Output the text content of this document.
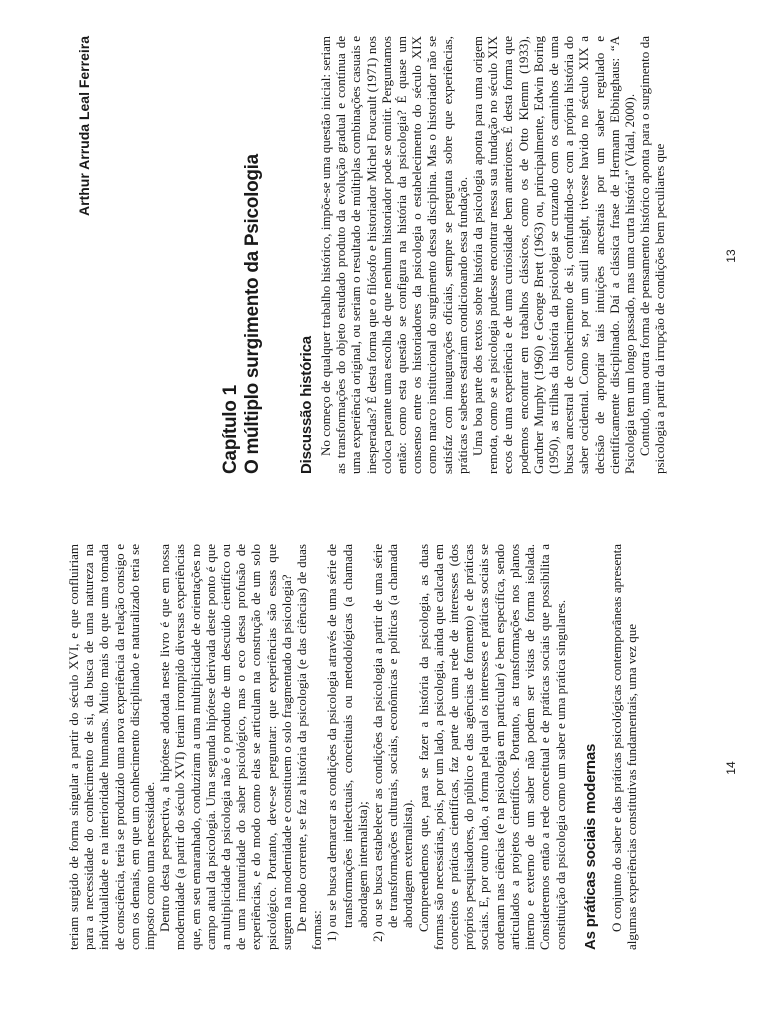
teriam surgido de forma singular a partir do século XVI, e que confluiriam para a necessidade do conhecimento de si, da busca de uma natureza na individualidade e na interioridade humanas. Muito mais do que uma tomada de consciência, teria se produzido uma nova experiência da relação consigo e com os demais, em que um conhecimento disciplinado e naturalizado teria se imposto como uma necessidade. Dentro desta perspectiva, a hipótese adotada neste livro é que em nossa modernidade (a partir do século XVI) teriam irrompido diversas experiências que, em seu emaranhado, conduziram a uma multiplicidade de orientações no campo atual da psicologia. Uma segunda hipótese derivada deste ponto é que a multiplicidade da psicologia não é o produto de um descuido científico ou de uma imaturidade do saber psicológico, mas o eco dessa profusão de experiências, e do modo como elas se articulam na construção de um solo psicológico. Portanto, deve-se perguntar: que experiências são essas que surgem na modernidade e constituem o solo fragmentado da psicologia? De modo corrente, se faz a história da psicologia (e das ciências) de duas formas: 1) ou se busca demarcar as condições da psicologia através de uma série de transformações intelectuais, conceituais ou metodológicas (a chamada abordagem internalista); 2) ou se busca estabelecer as condições da psicologia a partir de uma série de transformações culturais, sociais, econômicas e políticas (a chamada abordagem externalista). Compreendemos que, para se fazer a história da psicologia, as duas formas são necessárias, pois, por um lado, a psicologia, ainda que calcada em conceitos e práticas científicas, faz parte de uma rede de interesses (dos próprios pesquisadores, do público e das agências de fomento) e de práticas sociais. E, por outro lado, a forma pela qual os interesses e práticas sociais se ordenam nas ciências (e na psicologia em particular) é bem específica, sendo articulados a projetos científicos. Portanto, as transformações nos planos interno e externo de um saber não podem ser vistas de forma isolada. Consideremos então a rede conceitual e de práticas sociais que possibilita a constituição da psicologia como um saber e uma prática singulares. As práticas sociais modernas O conjunto do saber e das práticas psicológicas contemporâneas apresenta algumas experiências constitutivas fundamentais, uma vez que	14
Arthur Arruda Leal Ferreira
Capítulo 1 O múltiplo surgimento da Psicologia Discussão histórica No começo de qualquer trabalho histórico, impõe-se uma questão inicial: seriam as transformações do objeto estudado produto da evolução gradual e contínua de uma experiência original, ou seriam o resultado de múltiplas combinações casuais e inesperadas? É desta forma que o filósofo e historiador Michel Foucault (1971) nos coloca perante uma escolha de que nenhum historiador pode se omitir. Perguntamos então: como esta questão se configura na história da psicologia? É quase um consenso entre os historiadores da psicologia o estabelecimento do século XIX como marco institucional do surgimento dessa disciplina. Mas o historiador não se satisfaz com inaugurações oficiais, sempre se pergunta sobre que experiências, práticas e saberes estariam condicionando essa fundação. Uma boa parte dos textos sobre história da psicologia aponta para uma origem remota, como se a psicologia pudesse encontrar nessa sua fundação no século XIX ecos de uma experiência e de uma curiosidade bem anteriores. É desta forma que podemos encontrar em trabalhos clássicos, como os de Otto Klemm (1933), Gardner Murphy (1960) e George Brett (1963) ou, principalmente, Edwin Boring (1950), as trilhas da história da psicologia se cruzando com os caminhos de uma busca ancestral de conhecimento de si, confundindo-se com a própria história do saber ocidental. Como se, por um sutil insight, tivesse havido no século XIX a decisão de apropriar tais intuições ancestrais por um saber regulado e cientificamente disciplinado. Daí a clássica frase de Hermann Ebbinghaus: “A Psicologia tem um longo passado, mas uma curta história” (Vidal, 2000). Contudo, uma outra forma de pensamento histórico aponta para o surgimento da psicologia a partir da irrupção de condições bem peculiares que	13
